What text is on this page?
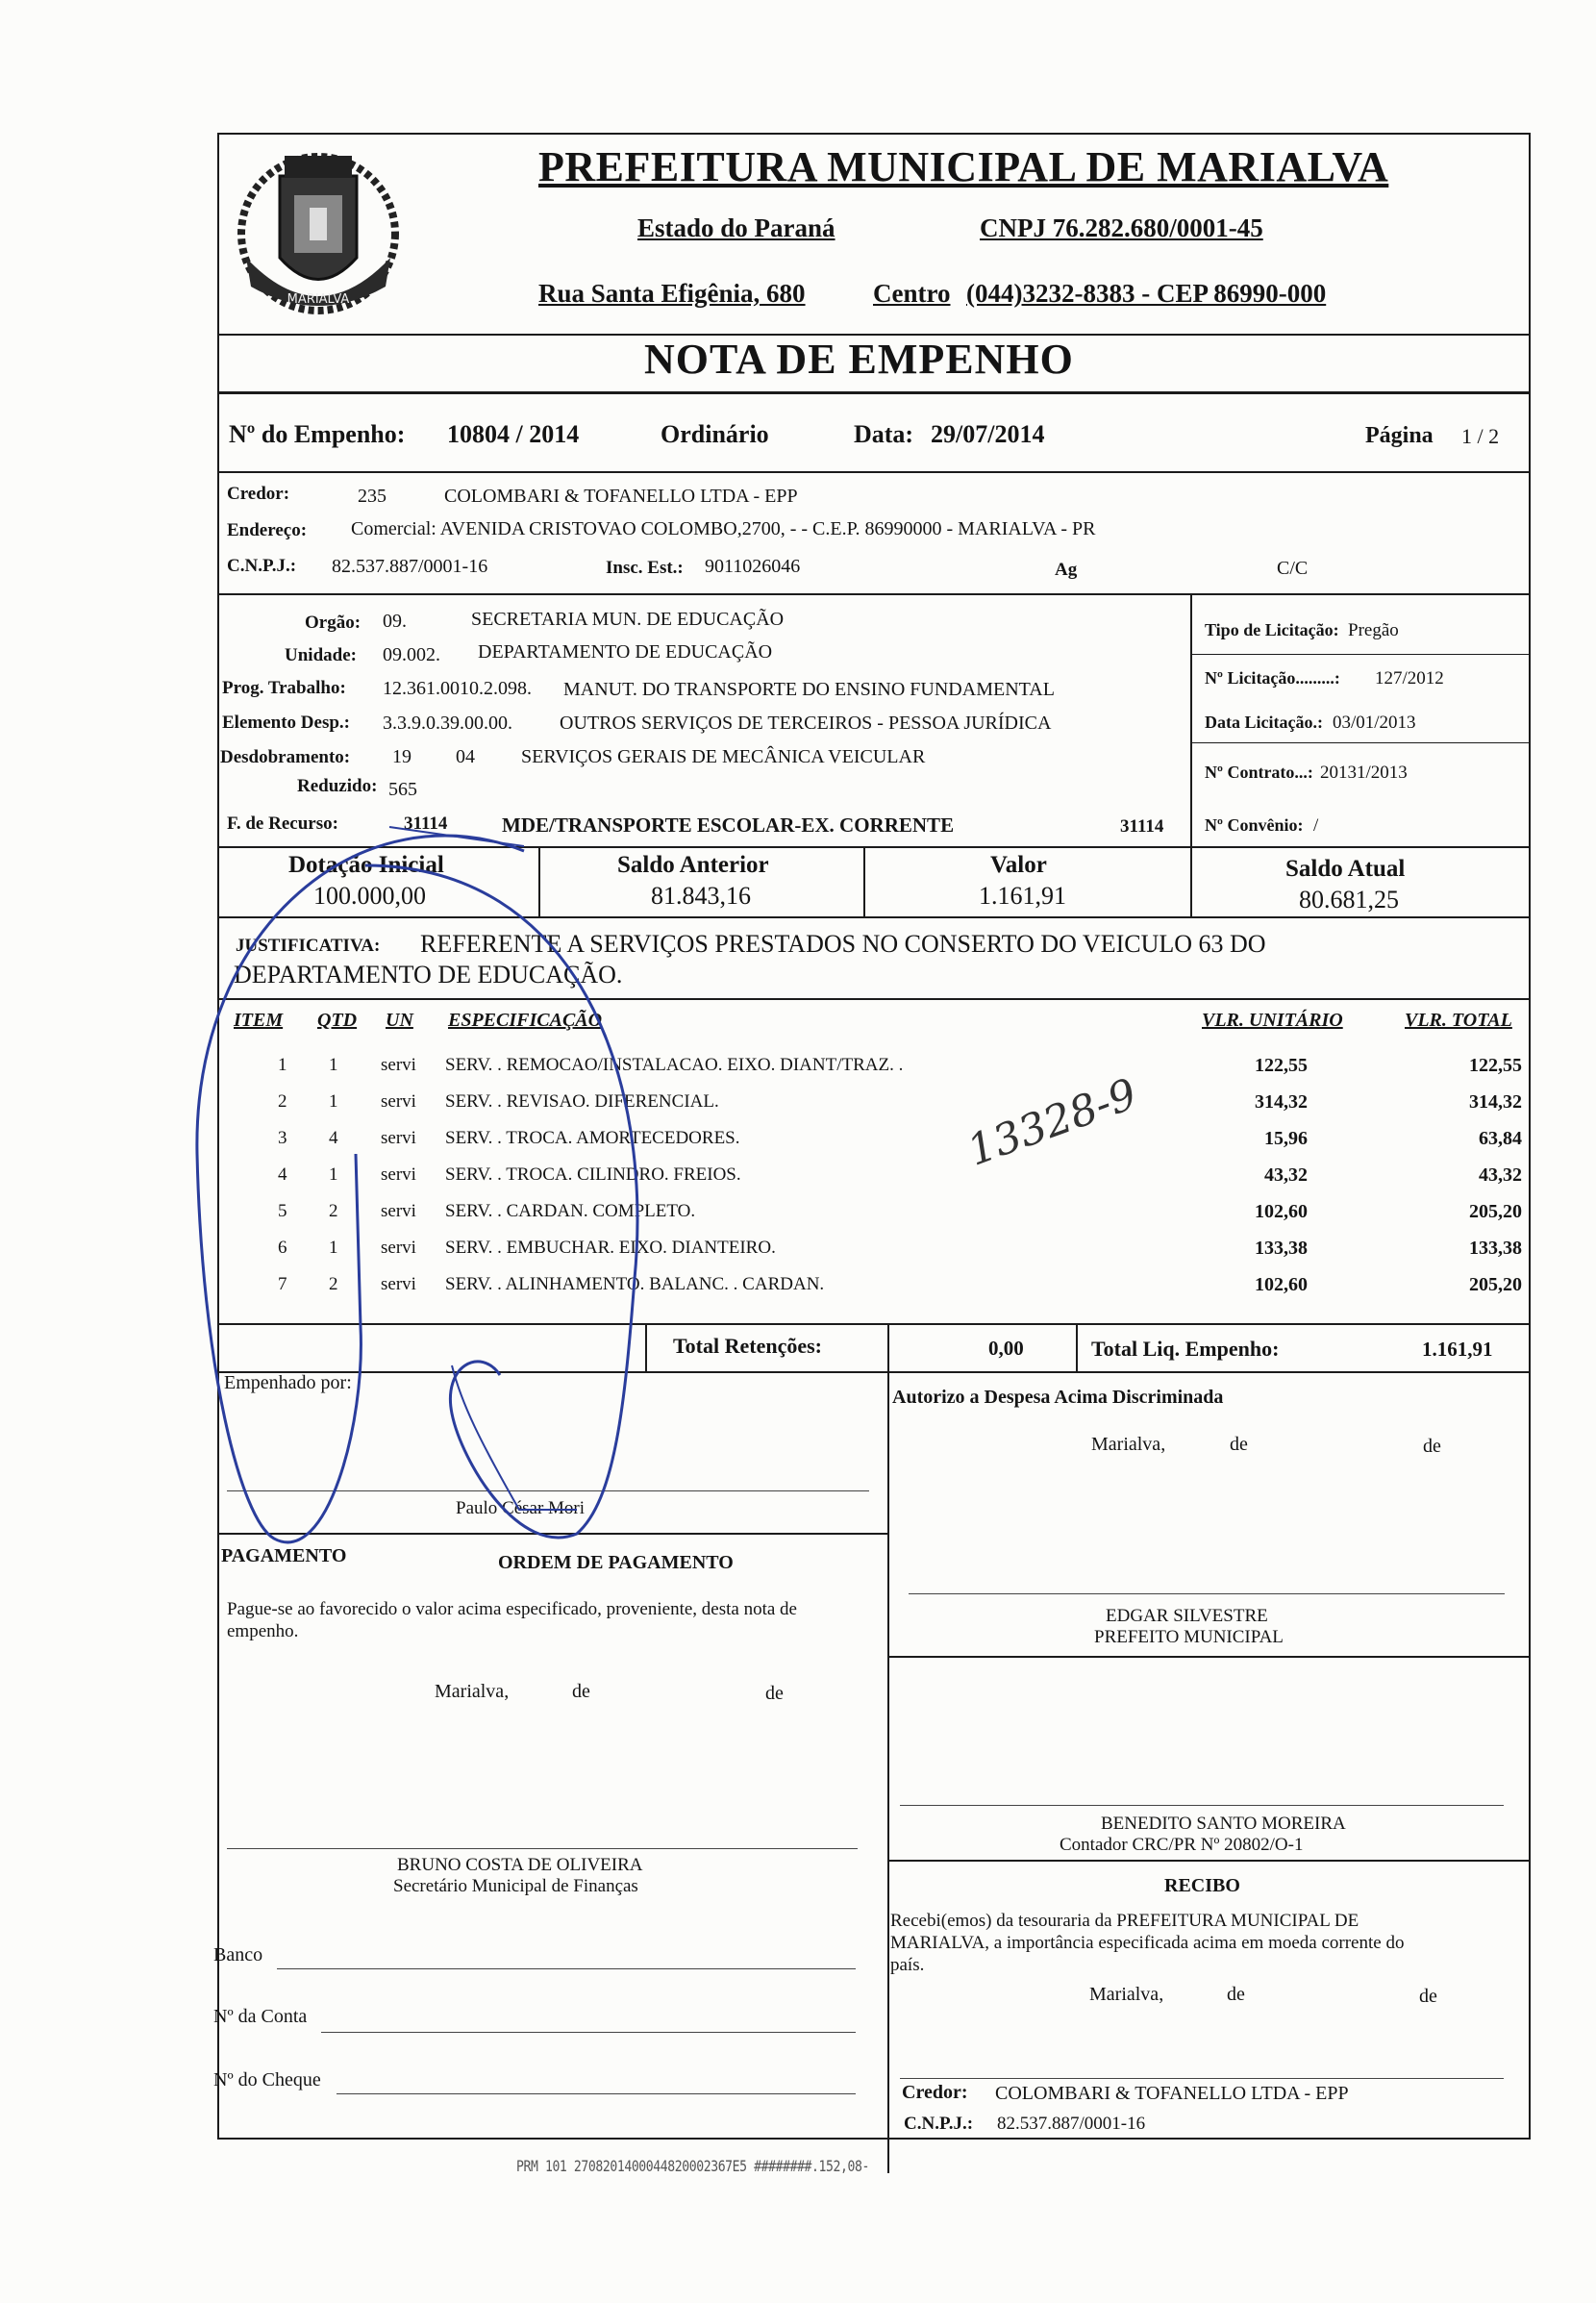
MARIALVA
PREFEITURA MUNICIPAL DE MARIALVA
Estado do Paraná	CNPJ 76.282.680/0001-45
Rua Santa Efigênia, 680	Centro (044)3232-8383 - CEP 86990-000
NOTA DE EMPENHO
Nº do Empenho: 10804 / 2014	Ordinário	Data: 29/07/2014	Página 1 / 2
Credor:	235	COLOMBARI & TOFANELLO LTDA - EPP
Endereço: Comercial: AVENIDA CRISTOVAO COLOMBO,2700, - - C.E.P. 86990000 - MARIALVA - PR
C.N.P.J.: 82.537.887/0001-16	Insc. Est.: 9011026046	Ag	C/C
Orgão: 09.	SECRETARIA MUN. DE EDUCAÇÃO
Unidade: 09.002. DEPARTAMENTO DE EDUCAÇÃO
Prog. Trabalho: 12.361.0010.2.098. MANUT. DO TRANSPORTE DO ENSINO FUNDAMENTAL
Elemento Desp.: 3.3.9.0.39.00.00. OUTROS SERVIÇOS DE TERCEIROS - PESSOA JURÍDICA
Desdobramento: 19 04 SERVIÇOS GERAIS DE MECÂNICA VEICULAR
Reduzido: 565
F. de Recurso:	31114	MDE/TRANSPORTE ESCOLAR-EX. CORRENTE	31114
Tipo de Licitação: Pregão
Nº Licitação.........: 127/2012
Data Licitação.: 03/01/2013
Nº Contrato...: 20131/2013
Nº Convênio: /
Dotação Inicial
100.000,00
Saldo Anterior
81.843,16
Valor
1.161,91
Saldo Atual
80.681,25
JUSTIFICATIVA: REFERENTE A SERVIÇOS PRESTADOS NO CONSERTO DO VEICULO 63 DO
DEPARTAMENTO DE EDUCAÇÃO.
ITEM QTD UN ESPECIFICAÇÃO	VLR. UNITÁRIO	VLR. TOTAL
1 1 servi SERV. . REMOCAO/INSTALACAO. EIXO. DIANT/TRAZ. .	122,55	122,55
2 1 servi SERV. . REVISAO. DIFERENCIAL.	314,32	314,32
3 4 servi SERV. . TROCA. AMORTECEDORES.	15,96	63,84
4 1 servi SERV. . TROCA. CILINDRO. FREIOS.	43,32	43,32
5 2 servi SERV. . CARDAN. COMPLETO.	102,60	205,20
6 1 servi SERV. . EMBUCHAR. EIXO. DIANTEIRO.	133,38	133,38
7 2 servi SERV. . ALINHAMENTO. BALANC. . CARDAN.	102,60	205,20
Total Retenções:	0,00	Total Liq. Empenho:	1.161,91
Empenhado por:
Paulo César Mori
Autorizo a Despesa Acima Discriminada
Marialva,	de	de
PAGAMENTO	ORDEM DE PAGAMENTO
Pague-se ao favorecido o valor acima especificado, proveniente, desta nota de empenho.
Marialva,	de	de
EDGAR SILVESTRE
PREFEITO MUNICIPAL
BENEDITO SANTO MOREIRA
Contador CRC/PR Nº 20802/O-1
BRUNO COSTA DE OLIVEIRA
Secretário Municipal de Finanças	RECIBO
Recebi(emos) da tesouraria da PREFEITURA MUNICIPAL DE
MARIALVA, a importância especificada acima em moeda corrente do
país.
Marialva,	de	de
Credor: COLOMBARI & TOFANELLO LTDA - EPP
C.N.P.J.: 82.537.887/0001-16
Banco
Nº da Conta
Nº do Cheque
PRM 101 2708201400044820002367E5 ########.152,08-
13328-9
